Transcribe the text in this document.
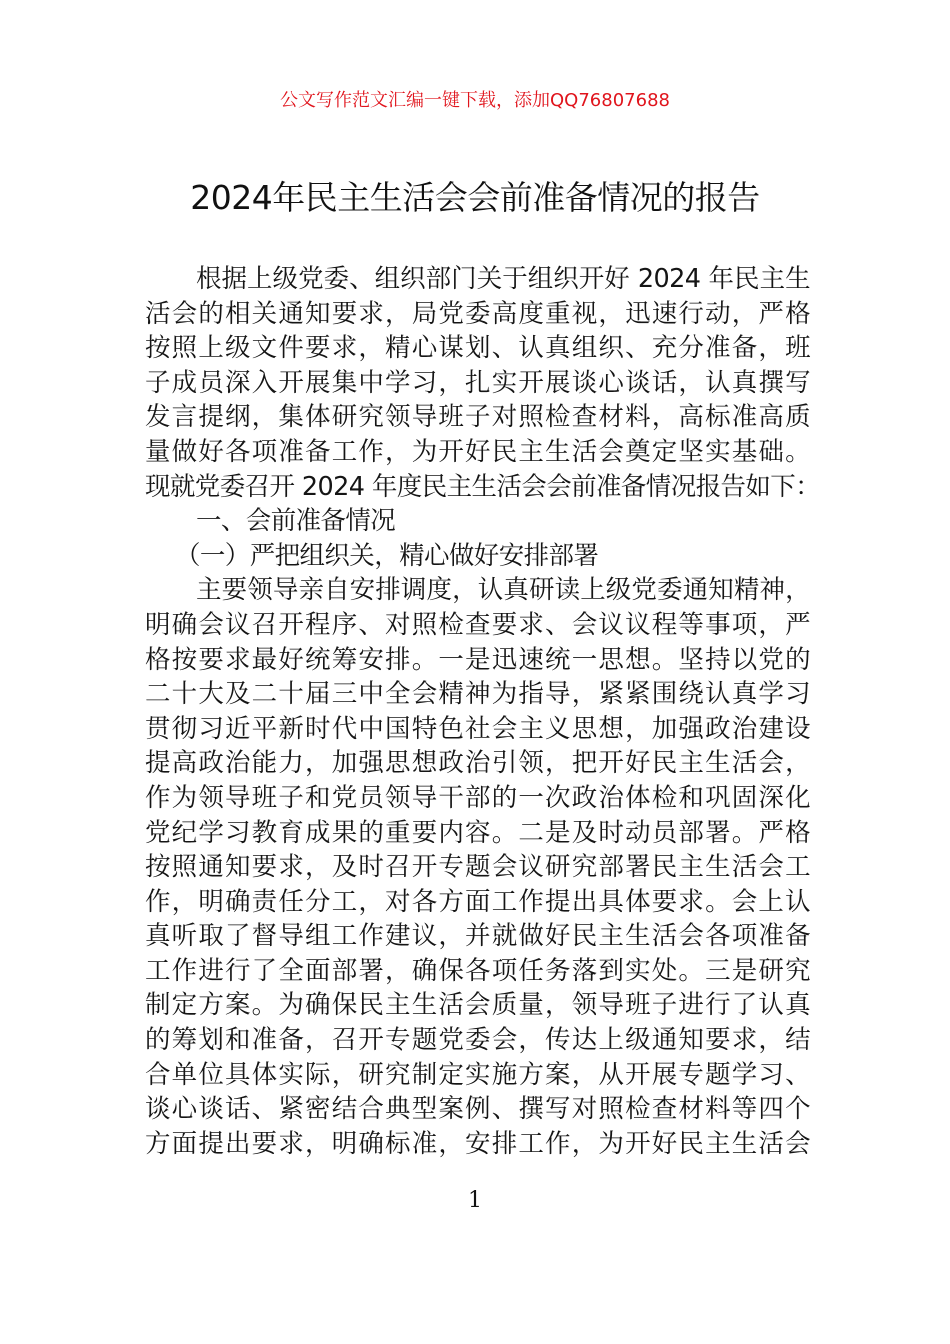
公文写作范文汇编一键下载，添加QQ76807688
2024年民主生活会会前准备情况的报告
根据上级党委、组织部门关于组织开好 2024 年民主生
活会的相关通知要求，局党委高度重视，迅速行动，严格
按照上级文件要求，精心谋划、认真组织、充分准备，班
子成员深入开展集中学习，扎实开展谈心谈话，认真撰写
发言提纲，集体研究领导班子对照检查材料，高标准高质
量做好各项准备工作，为开好民主生活会奠定坚实基础。
现就党委召开 2024 年度民主生活会会前准备情况报告如下：
一、会前准备情况
（一）严把组织关，精心做好安排部署
主要领导亲自安排调度，认真研读上级党委通知精神，
明确会议召开程序、对照检查要求、会议议程等事项，严
格按要求最好统筹安排。一是迅速统一思想。坚持以党的
二十大及二十届三中全会精神为指导，紧紧围绕认真学习
贯彻习近平新时代中国特色社会主义思想，加强政治建设
提高政治能力，加强思想政治引领，把开好民主生活会，
作为领导班子和党员领导干部的一次政治体检和巩固深化
党纪学习教育成果的重要内容。二是及时动员部署。严格
按照通知要求，及时召开专题会议研究部署民主生活会工
作，明确责任分工，对各方面工作提出具体要求。会上认
真听取了督导组工作建议，并就做好民主生活会各项准备
工作进行了全面部署，确保各项任务落到实处。三是研究
制定方案。为确保民主生活会质量，领导班子进行了认真
的筹划和准备，召开专题党委会，传达上级通知要求，结
合单位具体实际，研究制定实施方案，从开展专题学习、
谈心谈话、紧密结合典型案例、撰写对照检查材料等四个
方面提出要求，明确标准，安排工作，为开好民主生活会
1
